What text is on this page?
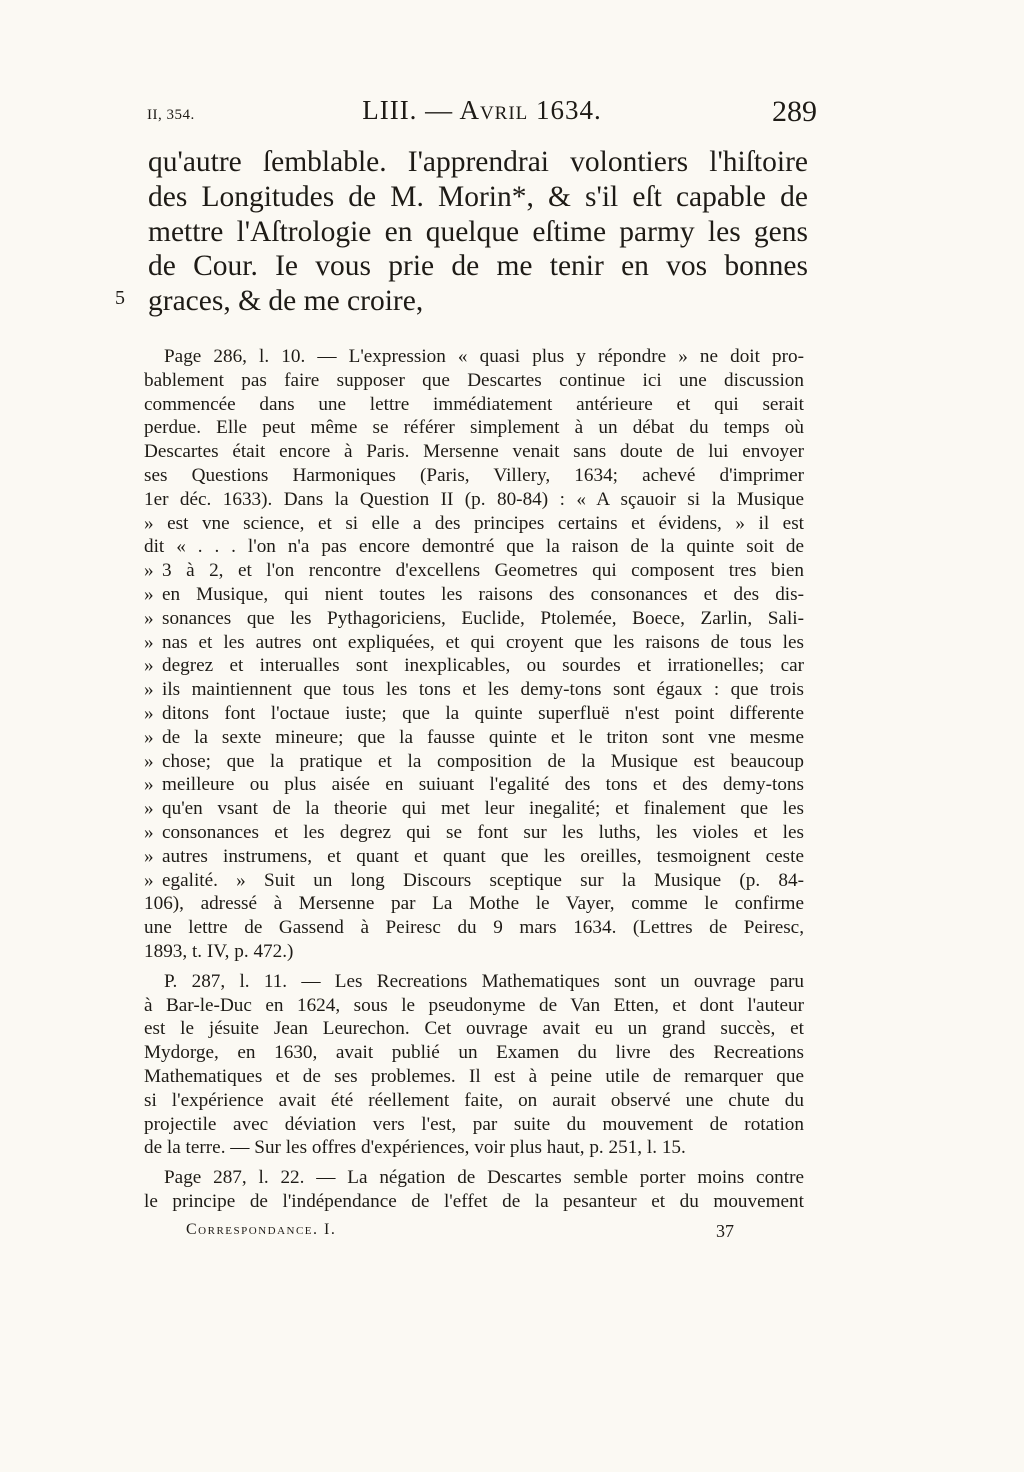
II, 354.	LIII. — Avril 1634.	289
qu'autre ſemblable. I'apprendrai volontiers l'hiſtoire
des Longitudes de M. Morin*, & s'il eſt capable de
mettre l'Aſtrologie en quelque eſtime parmy les gens
de Cour. Ie vous prie de me tenir en vos bonnes
graces, & de me croire,
5
Page 286, l. 10. — L'expression « quasi plus y répondre » ne doit pro-
bablement pas faire supposer que Descartes continue ici une discussion
commencée dans une lettre immédiatement antérieure et qui serait
perdue. Elle peut même se référer simplement à un débat du temps où
Descartes était encore à Paris. Mersenne venait sans doute de lui envoyer
ses Questions Harmoniques (Paris, Villery, 1634; achevé d'imprimer
1er déc. 1633). Dans la Question II (p. 80-84) : « A sçauoir si la Musique
» est vne science, et si elle a des principes certains et évidens, » il est
dit « . . . l'on n'a pas encore demontré que la raison de la quinte soit de
» 3 à 2, et l'on rencontre d'excellens Geometres qui composent tres bien
» en Musique, qui nient toutes les raisons des consonances et des dis-
» sonances que les Pythagoriciens, Euclide, Ptolemée, Boece, Zarlin, Sali-
» nas et les autres ont expliquées, et qui croyent que les raisons de tous les
» degrez et interualles sont inexplicables, ou sourdes et irrationelles; car
» ils maintiennent que tous les tons et les demy-tons sont égaux : que trois
» ditons font l'octaue iuste; que la quinte superfluë n'est point differente
» de la sexte mineure; que la fausse quinte et le triton sont vne mesme
» chose; que la pratique et la composition de la Musique est beaucoup
» meilleure ou plus aisée en suiuant l'egalité des tons et des demy-tons
» qu'en vsant de la theorie qui met leur inegalité; et finalement que les
» consonances et les degrez qui se font sur les luths, les violes et les
» autres instrumens, et quant et quant que les oreilles, tesmoignent ceste
» egalité. » Suit un long Discours sceptique sur la Musique (p. 84-
106), adressé à Mersenne par La Mothe le Vayer, comme le confirme
une lettre de Gassend à Peiresc du 9 mars 1634. (Lettres de Peiresc,
1893, t. IV, p. 472.)
P. 287, l. 11. — Les Recreations Mathematiques sont un ouvrage paru
à Bar-le-Duc en 1624, sous le pseudonyme de Van Etten, et dont l'auteur
est le jésuite Jean Leurechon. Cet ouvrage avait eu un grand succès, et
Mydorge, en 1630, avait publié un Examen du livre des Recreations
Mathematiques et de ses problemes. Il est à peine utile de remarquer que
si l'expérience avait été réellement faite, on aurait observé une chute du
projectile avec déviation vers l'est, par suite du mouvement de rotation
de la terre. — Sur les offres d'expériences, voir plus haut, p. 251, l. 15.
Page 287, l. 22. — La négation de Descartes semble porter moins contre
le principe de l'indépendance de l'effet de la pesanteur et du mouvement
Correspondance. I.	37
